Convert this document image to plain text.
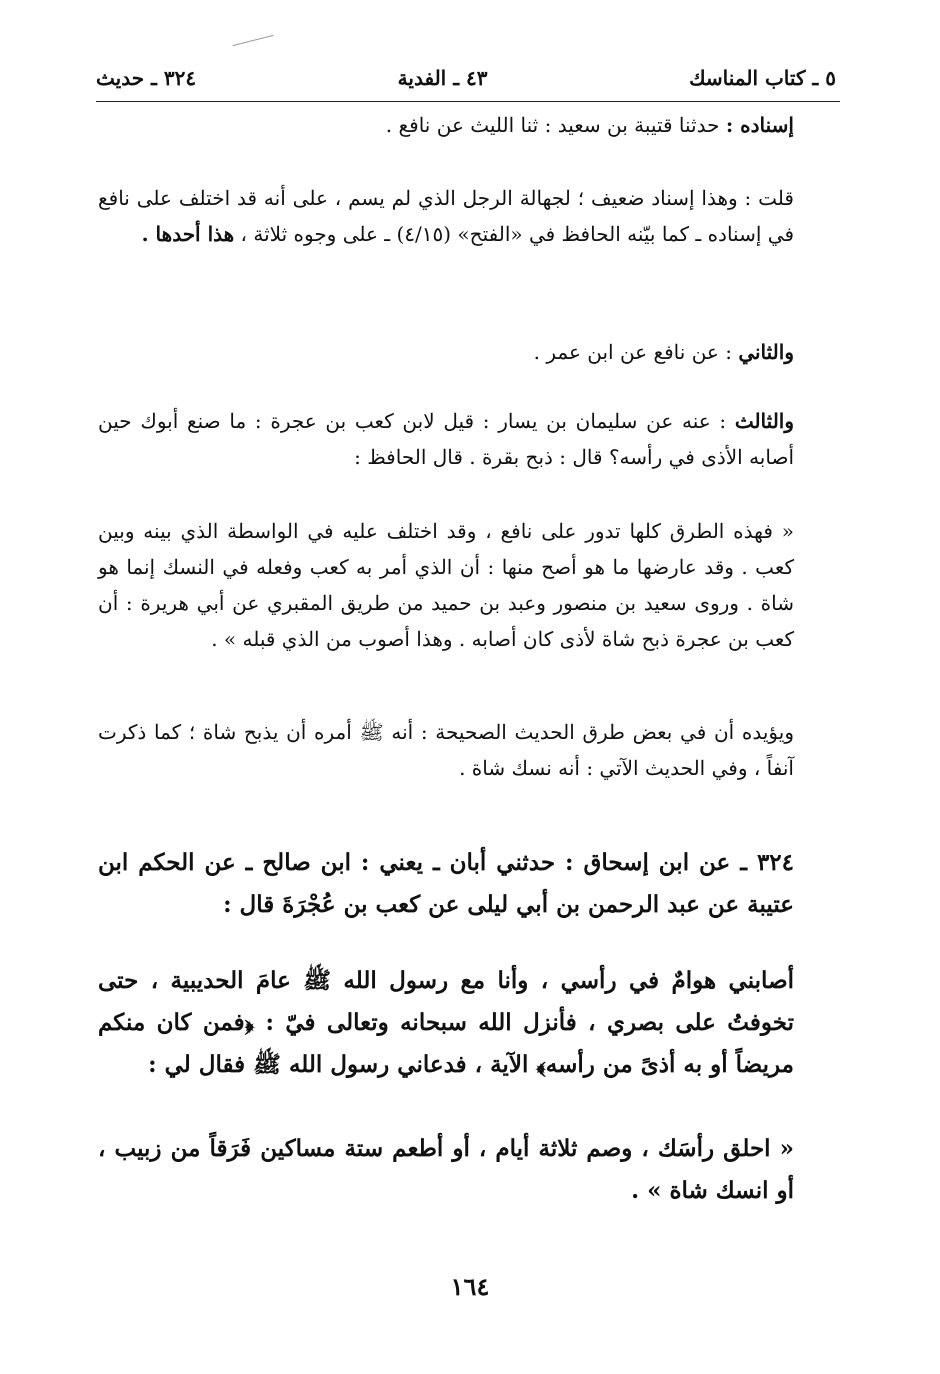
٥ ـ كتاب المناسك
٤٣ ـ الفدية
٣٢٤ ـ حديث

إسناده : حدثنا قتيبة بن سعيد : ثنا الليث عن نافع .

قلت : وهذا إسناد ضعيف ؛ لجهالة الرجل الذي لم يسم ، على أنه قد اختلف على نافع في إسناده ـ كما بيّنه الحافظ في «الفتح» (٤/١٥) ـ على وجوه ثلاثة ، هذا أحدها .

والثاني : عن نافع عن ابن عمر .

والثالث : عنه عن سليمان بن يسار : قيل لابن كعب بن عجرة : ما صنع أبوك حين أصابه الأذى في رأسه؟ قال : ذبح بقرة . قال الحافظ :

« فهذه الطرق كلها تدور على نافع ، وقد اختلف عليه في الواسطة الذي بينه وبين كعب . وقد عارضها ما هو أصح منها : أن الذي أمر به كعب وفعله في النسك إنما هو شاة . وروى سعيد بن منصور وعبد بن حميد من طريق المقبري عن أبي هريرة : أن كعب بن عجرة ذبح شاة لأذى كان أصابه . وهذا أصوب من الذي قبله » .

ويؤيده أن في بعض طرق الحديث الصحيحة : أنه ﷺ أمره أن يذبح شاة ؛ كما ذكرت آنفاً ، وفي الحديث الآتي : أنه نسك شاة .

٣٢٤ ـ عن ابن إسحاق : حدثني أبان ـ يعني : ابن صالح ـ عن الحكم ابن عتيبة عن عبد الرحمن بن أبي ليلى عن كعب بن عُجْرَةَ قال :

أصابني هوامٌ في رأسي ، وأنا مع رسول الله ﷺ عامَ الحديبية ، حتى تخوفتُ على بصري ، فأنزل الله سبحانه وتعالى فيّ : ﴿فمن كان منكم مريضاً أو به أذىً من رأسه﴾ الآية ، فدعاني رسول الله ﷺ فقال لي :

« احلق رأسَك ، وصم ثلاثة أيام ، أو أطعم ستة مساكين فَرَقاً من زبيب ، أو انسك شاة » .

١٦٤
